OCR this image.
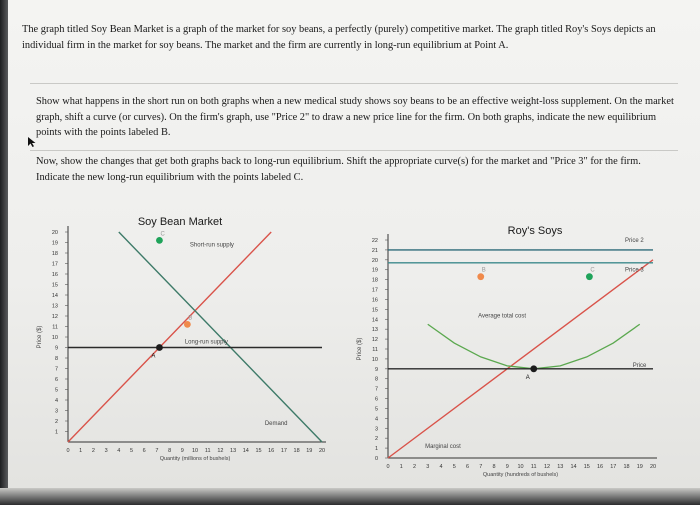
The graph titled Soy Bean Market is a graph of the market for soy beans, a perfectly (purely) competitive market. The graph titled Roy's Soys depicts an individual firm in the market for soy beans. The market and the firm are currently in long-run equilibrium at Point A.

Show what happens in the short run on both graphs when a new medical study shows soy beans to be an effective weight-loss supplement. On the market graph, shift a curve (or curves). On the firm's graph, use "Price 2" to draw a new price line for the firm. On both graphs, indicate the new equilibrium points with the points labeled B.

Now, show the changes that get both graphs back to long-run equilibrium. Shift the appropriate curve(s) for the market and "Price 3" for the firm. Indicate the new long-run equilibrium with the points labeled C.

Soy Bean Market
1
2
3
4
5
6
7
8
9
10
11
12
13
14
15
16
17
18
19
20
0 1 2 3 4 5 6 7 8 9 10 11 12 13 14 15 16 17 18 19 20
Quantity (millions of bushels)
Price ($)
Short-run supply
Long-run supply
Demand
A
B
C	Roy's Soys
0
1
2
3
4
5
6
7
8
9
10
11
12
13
14
15
16
17
18
19
20
21
22
0 1 2 3 4 5 6 7 8 9 10 11 12 13 14 15 16 17 18 19 20
Quantity (hundreds of bushels)
Price ($)
Price 2
Price 3
Price
Average total cost
Marginal cost
A
B	C
